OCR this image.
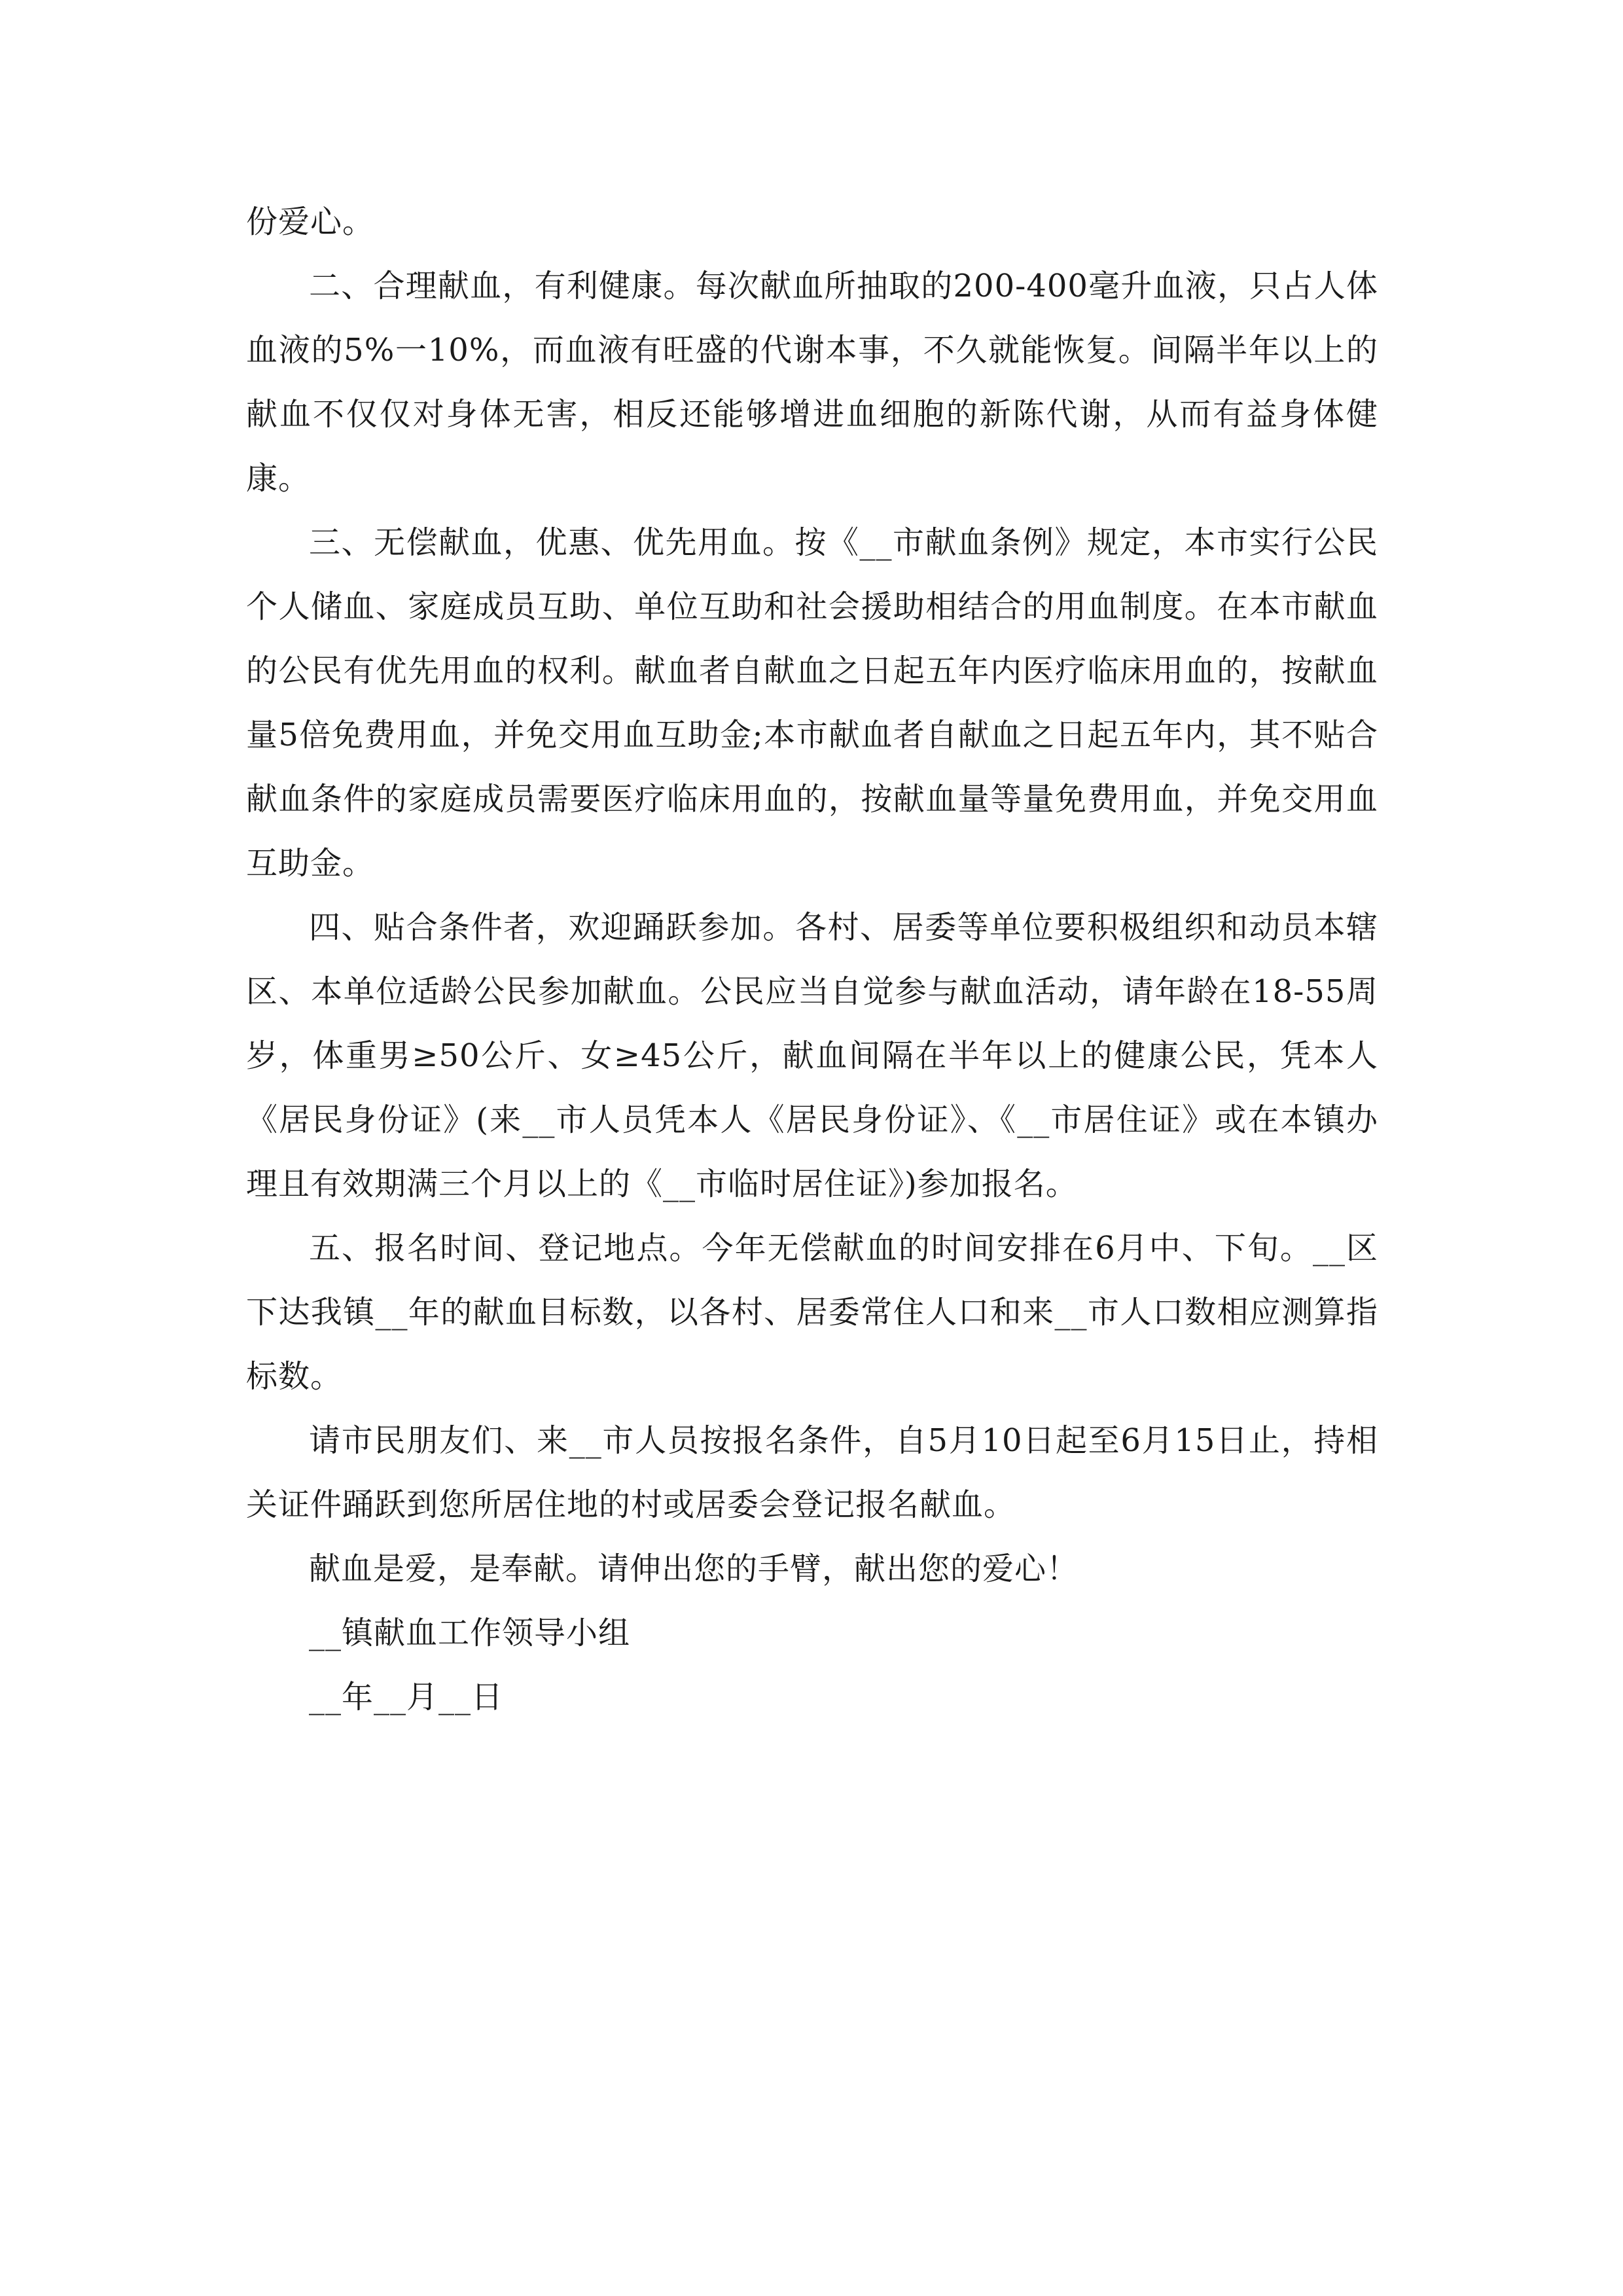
份爱心。

二、合理献血，有利健康。每次献血所抽取的200-400毫升血液，只占人体血液的5%一10%，而血液有旺盛的代谢本事，不久就能恢复。间隔半年以上的献血不仅仅对身体无害，相反还能够增进血细胞的新陈代谢，从而有益身体健康。

三、无偿献血，优惠、优先用血。按《__市献血条例》规定，本市实行公民个人储血、家庭成员互助、单位互助和社会援助相结合的用血制度。在本市献血的公民有优先用血的权利。献血者自献血之日起五年内医疗临床用血的，按献血量5倍免费用血，并免交用血互助金;本市献血者自献血之日起五年内，其不贴合献血条件的家庭成员需要医疗临床用血的，按献血量等量免费用血，并免交用血互助金。

四、贴合条件者，欢迎踊跃参加。各村、居委等单位要积极组织和动员本辖区、本单位适龄公民参加献血。公民应当自觉参与献血活动，请年龄在18-55周岁，体重男≥50公斤、女≥45公斤，献血间隔在半年以上的健康公民，凭本人《居民身份证》(来__市人员凭本人《居民身份证》、《__市居住证》或在本镇办理且有效期满三个月以上的《__市临时居住证》)参加报名。

五、报名时间、登记地点。今年无偿献血的时间安排在6月中、下旬。__区下达我镇__年的献血目标数，以各村、居委常住人口和来__市人口数相应测算指标数。

请市民朋友们、来__市人员按报名条件，自5月10日起至6月15日止，持相关证件踊跃到您所居住地的村或居委会登记报名献血。

献血是爱，是奉献。请伸出您的手臂，献出您的爱心！

__镇献血工作领导小组

__年__月__日
